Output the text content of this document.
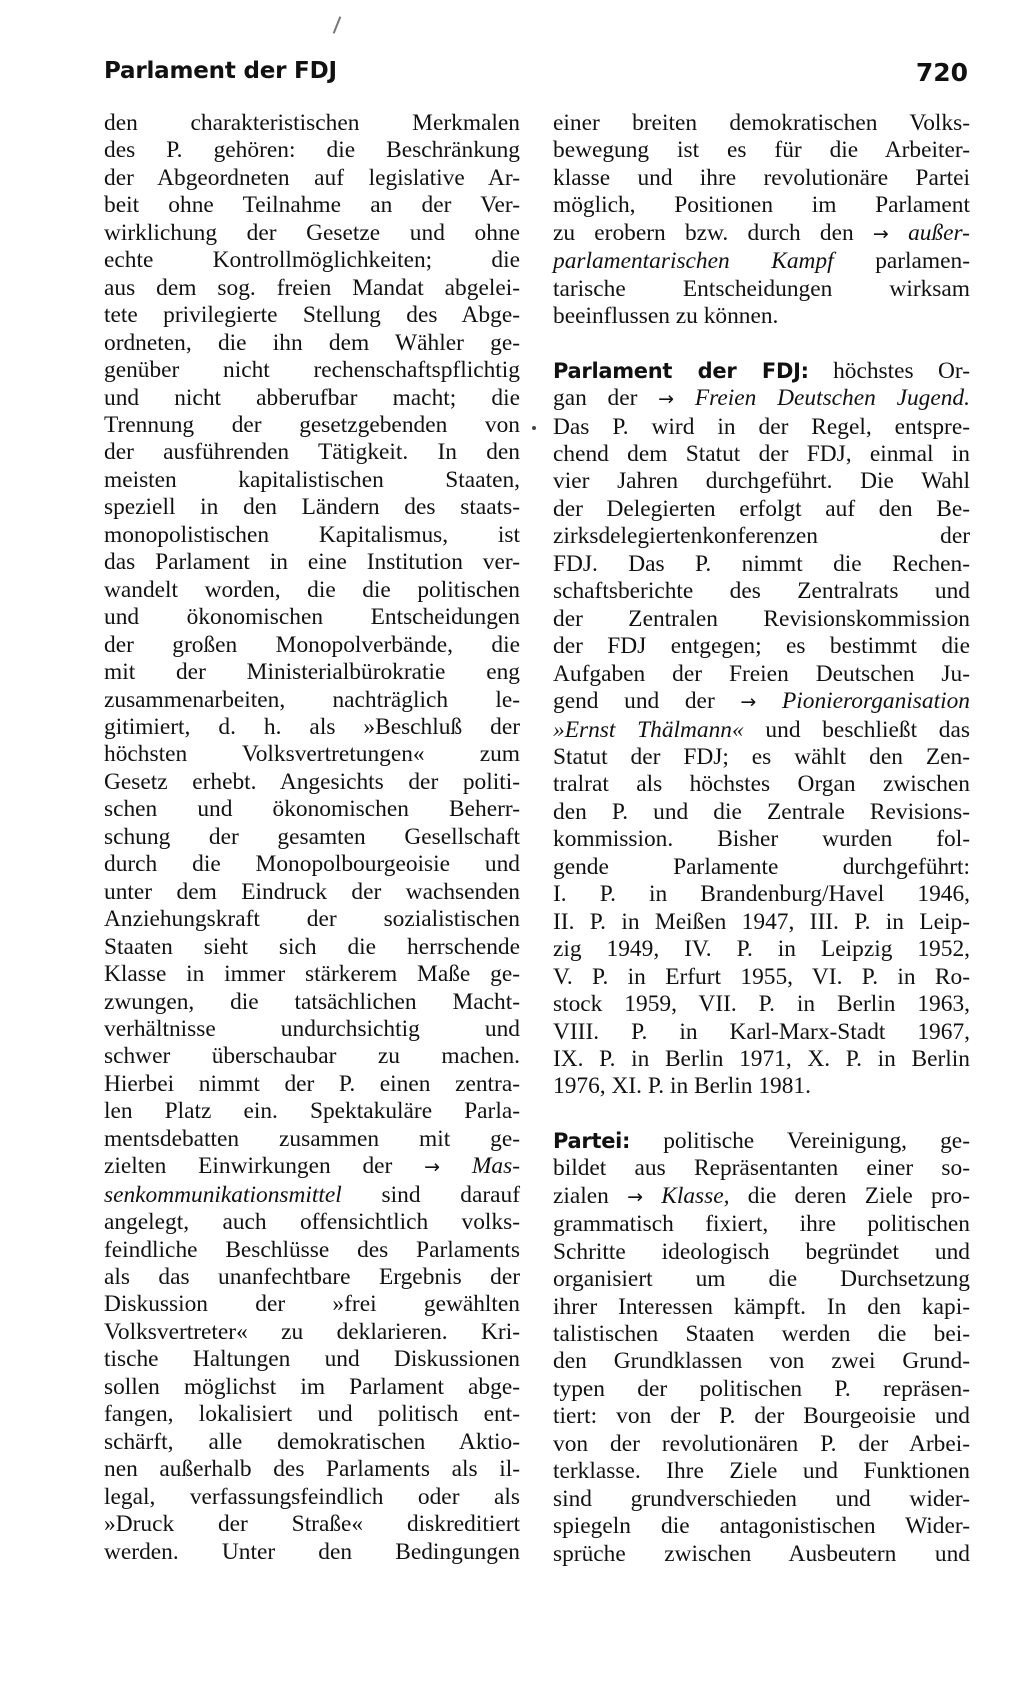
Parlament der FDJ	720

den charakteristischen Merkmalen
des P. gehören: die Beschränkung
der Abgeordneten auf legislative Ar-
beit ohne Teilnahme an der Ver-
wirklichung der Gesetze und ohne
echte Kontrollmöglichkeiten; die
aus dem sog. freien Mandat abgelei-
tete privilegierte Stellung des Abge-
ordneten, die ihn dem Wähler ge-
genüber nicht rechenschaftspflichtig
und nicht abberufbar macht; die
Trennung der gesetzgebenden von
der ausführenden Tätigkeit. In den
meisten kapitalistischen Staaten,
speziell in den Ländern des staats-
monopolistischen Kapitalismus, ist
das Parlament in eine Institution ver-
wandelt worden, die die politischen
und ökonomischen Entscheidungen
der großen Monopolverbände, die
mit der Ministerialbürokratie eng
zusammenarbeiten, nachträglich le-
gitimiert, d. h. als »Beschluß der
höchsten Volksvertretungen« zum
Gesetz erhebt. Angesichts der politi-
schen und ökonomischen Beherr-
schung der gesamten Gesellschaft
durch die Monopolbourgeoisie und
unter dem Eindruck der wachsenden
Anziehungskraft der sozialistischen
Staaten sieht sich die herrschende
Klasse in immer stärkerem Maße ge-
zwungen, die tatsächlichen Macht-
verhältnisse undurchsichtig und
schwer überschaubar zu machen.
Hierbei nimmt der P. einen zentra-
len Platz ein. Spektakuläre Parla-
mentsdebatten zusammen mit ge-
zielten Einwirkungen der → Mas-
senkommunikationsmittel sind darauf
angelegt, auch offensichtlich volks-
feindliche Beschlüsse des Parlaments
als das unanfechtbare Ergebnis der
Diskussion der »frei gewählten
Volksvertreter« zu deklarieren. Kri-
tische Haltungen und Diskussionen
sollen möglichst im Parlament abge-
fangen, lokalisiert und politisch ent-
schärft, alle demokratischen Aktio-
nen außerhalb des Parlaments als il-
legal, verfassungsfeindlich oder als
»Druck der Straße« diskreditiert
werden. Unter den Bedingungen

einer breiten demokratischen Volks-
bewegung ist es für die Arbeiter-
klasse und ihre revolutionäre Partei
möglich, Positionen im Parlament
zu erobern bzw. durch den → außer-
parlamentarischen Kampf parlamen-
tarische Entscheidungen wirksam
beeinflussen zu können.

Parlament der FDJ: höchstes Or-
gan der → Freien Deutschen Jugend.
Das P. wird in der Regel, entspre-
chend dem Statut der FDJ, einmal in
vier Jahren durchgeführt. Die Wahl
der Delegierten erfolgt auf den Be-
zirksdelegiertenkonferenzen der
FDJ. Das P. nimmt die Rechen-
schaftsberichte des Zentralrats und
der Zentralen Revisionskommission
der FDJ entgegen; es bestimmt die
Aufgaben der Freien Deutschen Ju-
gend und der → Pionierorganisation
»Ernst Thälmann« und beschließt das
Statut der FDJ; es wählt den Zen-
tralrat als höchstes Organ zwischen
den P. und die Zentrale Revisions-
kommission. Bisher wurden fol-
gende Parlamente durchgeführt:
I. P. in Brandenburg/Havel 1946,
II. P. in Meißen 1947, III. P. in Leip-
zig 1949, IV. P. in Leipzig 1952,
V. P. in Erfurt 1955, VI. P. in Ro-
stock 1959, VII. P. in Berlin 1963,
VIII. P. in Karl-Marx-Stadt 1967,
IX. P. in Berlin 1971, X. P. in Berlin
1976, XI. P. in Berlin 1981.

Partei: politische Vereinigung, ge-
bildet aus Repräsentanten einer so-
zialen → Klasse, die deren Ziele pro-
grammatisch fixiert, ihre politischen
Schritte ideologisch begründet und
organisiert um die Durchsetzung
ihrer Interessen kämpft. In den kapi-
talistischen Staaten werden die bei-
den Grundklassen von zwei Grund-
typen der politischen P. repräsen-
tiert: von der P. der Bourgeoisie und
von der revolutionären P. der Arbei-
terklasse. Ihre Ziele und Funktionen
sind grundverschieden und wider-
spiegeln die antagonistischen Wider-
sprüche zwischen Ausbeutern und
